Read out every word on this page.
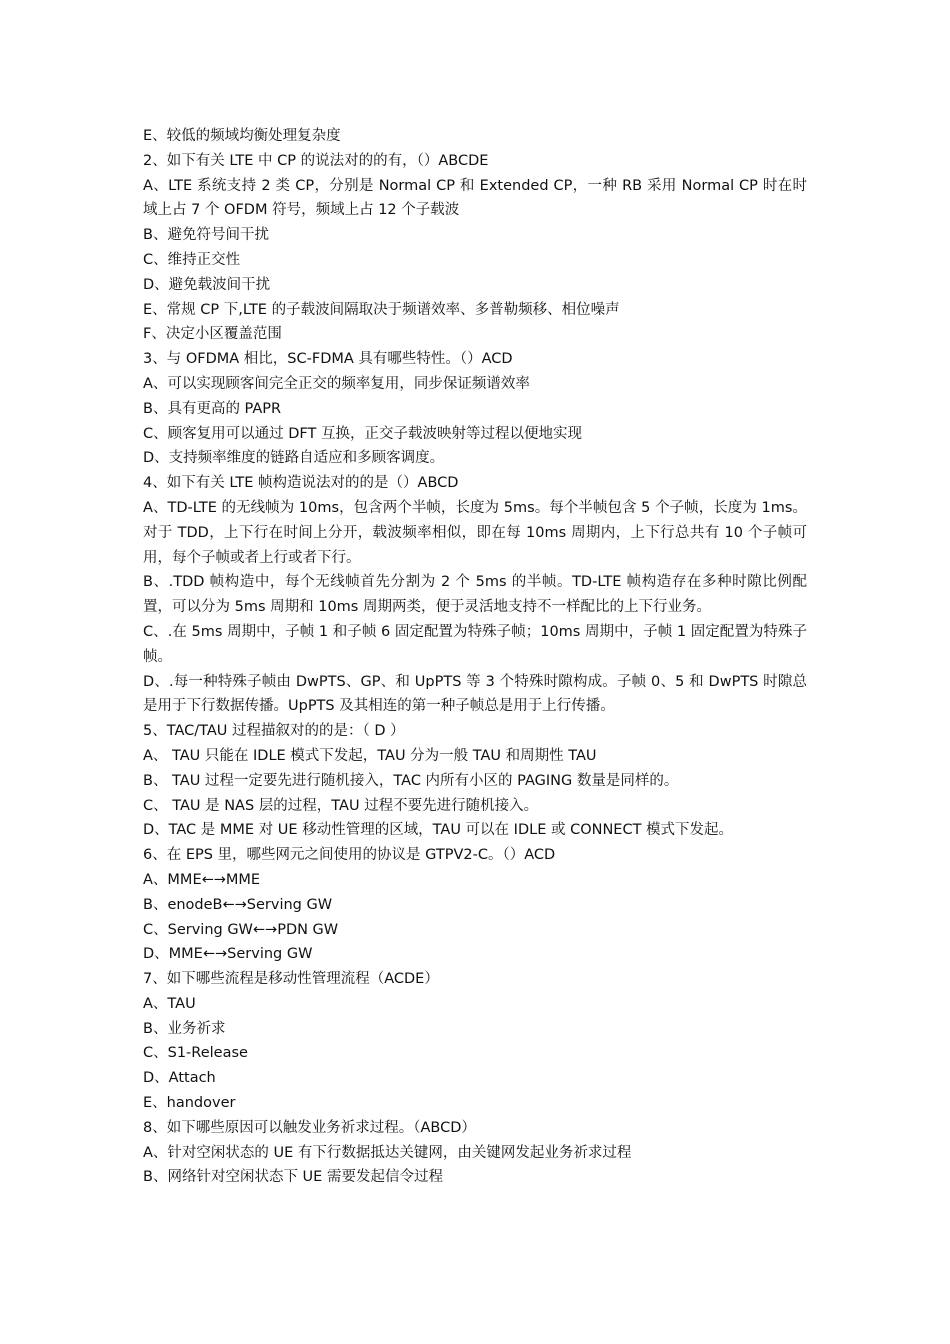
E、较低的频域均衡处理复杂度

2、如下有关 LTE 中 CP 的说法对的的有，（）ABCDE

A、LTE 系统支持 2 类 CP，分别是 Normal CP 和 Extended CP，一种 RB 采用 Normal CP 时在时域上占 7 个 OFDM 符号，频域上占 12 个子载波

B、避免符号间干扰

C、维持正交性

D、避免载波间干扰

E、常规 CP 下,LTE 的子载波间隔取决于频谱效率、多普勒频移、相位噪声

F、决定小区覆盖范围

3、与 OFDMA 相比，SC-FDMA 具有哪些特性。（）ACD

A、可以实现顾客间完全正交的频率复用，同步保证频谱效率

B、具有更高的 PAPR

C、顾客复用可以通过 DFT 互换，正交子载波映射等过程以便地实现

D、支持频率维度的链路自适应和多顾客调度。

4、如下有关 LTE 帧构造说法对的的是（）ABCD

A、TD-LTE 的无线帧为 10ms，包含两个半帧，长度为 5ms。每个半帧包含 5 个子帧，长度为 1ms。对于 TDD，上下行在时间上分开，载波频率相似，即在每 10ms 周期内，上下行总共有 10 个子帧可用，每个子帧或者上行或者下行。

B、.TDD 帧构造中，每个无线帧首先分割为 2 个 5ms 的半帧。TD-LTE 帧构造存在多种时隙比例配置，可以分为 5ms 周期和 10ms 周期两类，便于灵活地支持不一样配比的上下行业务。

C、.在 5ms 周期中，子帧 1 和子帧 6 固定配置为特殊子帧；10ms 周期中，子帧 1 固定配置为特殊子帧。

D、.每一种特殊子帧由 DwPTS、GP、和 UpPTS 等 3 个特殊时隙构成。子帧 0、5 和 DwPTS 时隙总是用于下行数据传播。UpPTS 及其相连的第一种子帧总是用于上行传播。

5、TAC/TAU 过程描叙对的的是：（ D ）

A、 TAU 只能在 IDLE 模式下发起，TAU 分为一般 TAU 和周期性 TAU

B、 TAU 过程一定要先进行随机接入，TAC 内所有小区的 PAGING 数量是同样的。

C、 TAU 是 NAS 层的过程，TAU 过程不要先进行随机接入。

D、TAC 是 MME 对 UE 移动性管理的区域，TAU 可以在 IDLE 或 CONNECT 模式下发起。

6、在 EPS 里，哪些网元之间使用的协议是 GTPV2-C。（）ACD

A、MME←→MME

B、enodeB←→Serving GW

C、Serving GW←→PDN GW

D、MME←→Serving GW

7、如下哪些流程是移动性管理流程（ACDE）

A、TAU

B、业务祈求

C、S1-Release

D、Attach

E、handover

8、如下哪些原因可以触发业务祈求过程。（ABCD）

A、针对空闲状态的 UE 有下行数据抵达关键网，由关键网发起业务祈求过程

B、网络针对空闲状态下 UE 需要发起信令过程
